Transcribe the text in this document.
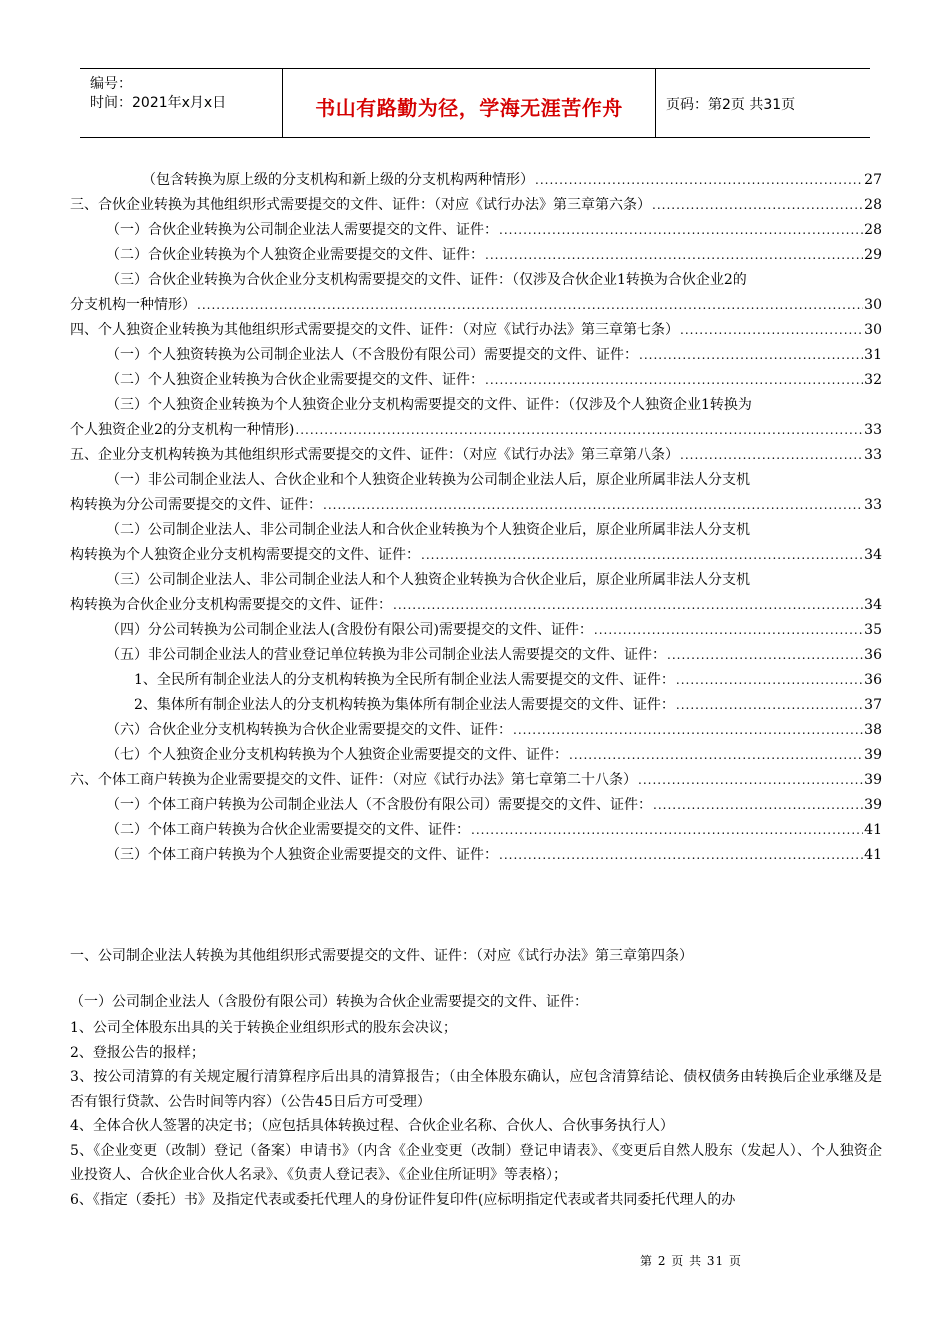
编号：
时间：2021年x月x日	书山有路勤为径，学海无涯苦作舟	页码：第2页 共31页
（包含转换为原上级的分支机构和新上级的分支机构两种情形） .....	27
三、合伙企业转换为其他组织形式需要提交的文件、证件：（对应《试行办法》第三章第六条） .....	28
（一）合伙企业转换为公司制企业法人需要提交的文件、证件： .....	28
（二）合伙企业转换为个人独资企业需要提交的文件、证件： .....	29
（三）合伙企业转换为合伙企业分支机构需要提交的文件、证件：（仅涉及合伙企业1转换为合伙企业2的
分支机构一种情形） .....	30
四、个人独资企业转换为其他组织形式需要提交的文件、证件：（对应《试行办法》第三章第七条） .....	30
（一）个人独资转换为公司制企业法人（不含股份有限公司）需要提交的文件、证件： .....	31
（二）个人独资企业转换为合伙企业需要提交的文件、证件： .....	32
（三）个人独资企业转换为个人独资企业分支机构需要提交的文件、证件：（仅涉及个人独资企业1转换为
个人独资企业2的分支机构一种情形) .....	33
五、企业分支机构转换为其他组织形式需要提交的文件、证件：（对应《试行办法》第三章第八条） .....	33
（一）非公司制企业法人、合伙企业和个人独资企业转换为公司制企业法人后，原企业所属非法人分支机
构转换为分公司需要提交的文件、证件： .....	33
（二）公司制企业法人、非公司制企业法人和合伙企业转换为个人独资企业后，原企业所属非法人分支机
构转换为个人独资企业分支机构需要提交的文件、证件： .....	34
（三）公司制企业法人、非公司制企业法人和个人独资企业转换为合伙企业后，原企业所属非法人分支机
构转换为合伙企业分支机构需要提交的文件、证件： .....	34
（四）分公司转换为公司制企业法人(含股份有限公司)需要提交的文件、证件： .....	35
（五）非公司制企业法人的营业登记单位转换为非公司制企业法人需要提交的文件、证件： .....	36
1、全民所有制企业法人的分支机构转换为全民所有制企业法人需要提交的文件、证件： .....	36
2、集体所有制企业法人的分支机构转换为集体所有制企业法人需要提交的文件、证件： .....	37
（六）合伙企业分支机构转换为合伙企业需要提交的文件、证件： .....	38
（七）个人独资企业分支机构转换为个人独资企业需要提交的文件、证件： .....	39
六、个体工商户转换为企业需要提交的文件、证件：（对应《试行办法》第七章第二十八条） .....	39
（一）个体工商户转换为公司制企业法人（不含股份有限公司）需要提交的文件、证件： .....	39
（二）个体工商户转换为合伙企业需要提交的文件、证件： .....	41
（三）个体工商户转换为个人独资企业需要提交的文件、证件： .....	41
一、公司制企业法人转换为其他组织形式需要提交的文件、证件：（对应《试行办法》第三章第四条）
（一）公司制企业法人（含股份有限公司）转换为合伙企业需要提交的文件、证件：
1、公司全体股东出具的关于转换企业组织形式的股东会决议；
2、登报公告的报样；
3、按公司清算的有关规定履行清算程序后出具的清算报告；（由全体股东确认，应包含清算结论、债权债务由转换后企业承继及是否有银行贷款、公告时间等内容）（公告45日后方可受理）
4、全体合伙人签署的决定书；（应包括具体转换过程、合伙企业名称、合伙人、合伙事务执行人）
5、《企业变更（改制）登记（备案）申请书》（内含《企业变更（改制）登记申请表》、《变更后自然人股东（发起人）、个人独资企业投资人、合伙企业合伙人名录》、《负责人登记表》、《企业住所证明》等表格）；
6、《指定（委托）书》及指定代表或委托代理人的身份证件复印件(应标明指定代表或者共同委托代理人的办
第 2 页 共 31 页
